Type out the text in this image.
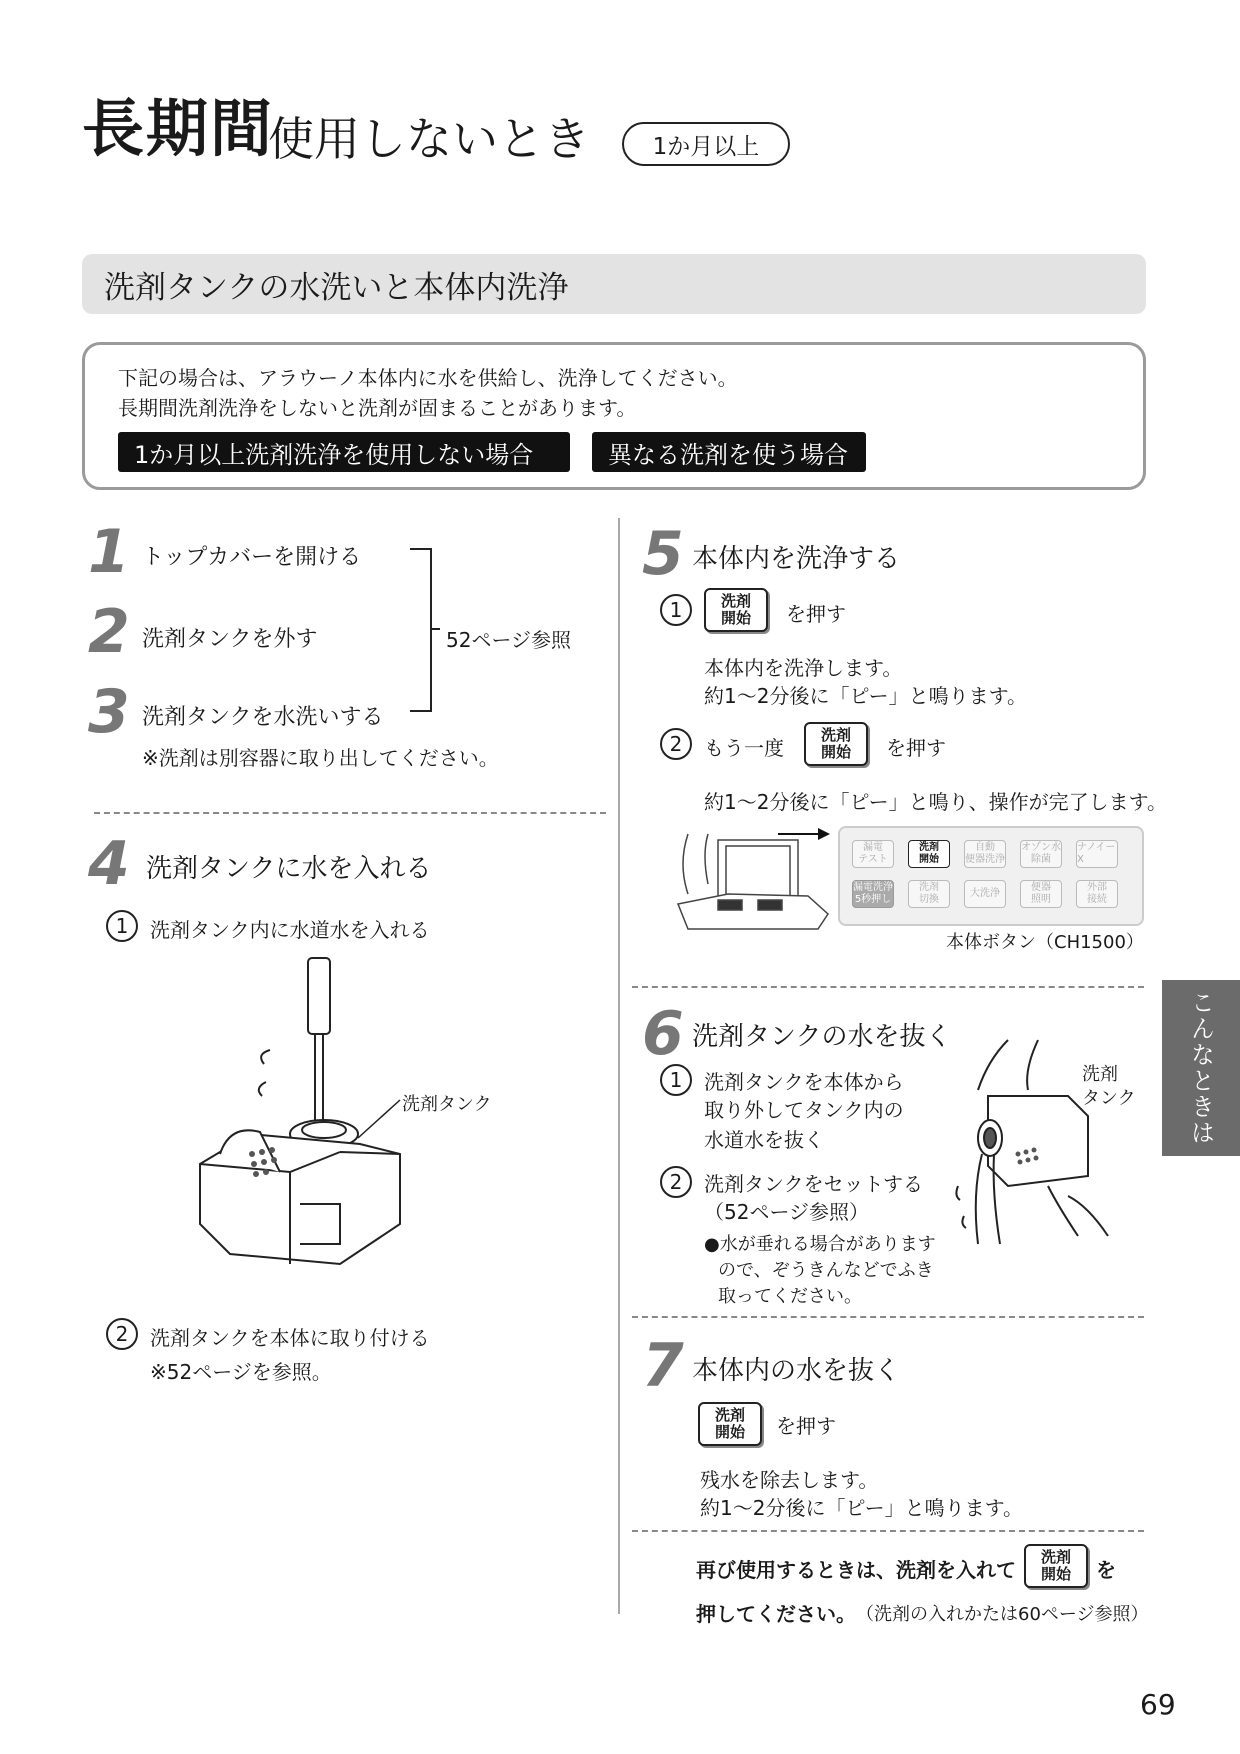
長期間
使用しないとき	1か月以上
洗剤タンクの水洗いと本体内洗浄
下記の場合は、アラウーノ本体内に水を供給し、洗浄してください。
長期間洗剤洗浄をしないと洗剤が固まることがあります。
1か月以上洗剤洗浄を使用しない場合	異なる洗剤を使う場合
1 トップカバーを開ける
2 洗剤タンクを外す
3 洗剤タンクを水洗いする
※洗剤は別容器に取り出してください。
52ページ参照
4 洗剤タンクに水を入れる
1	洗剤タンク内に水道水を入れる
洗剤タンク
2	洗剤タンクを本体に取り付ける
※52ページを参照。
5 本体内を洗浄する
1	洗剤
開始 を押す
本体内を洗浄します。
約1～2分後に「ピー」と鳴ります。
2	もう一度
洗剤
開始 を押す
約1～2分後に「ピー」と鳴り、操作が完了します。
漏電
テスト
洗剤
開始
自動
便器洗浄
オゾン水
除菌
ナノイーX
漏電洗浄
5秒押し
洗剤
切換
大洗浄
便器
照明
外部
接続
本体ボタン（CH1500）
6 洗剤タンクの水を抜く
1	洗剤タンクを本体から
取り外してタンク内の
水道水を抜く
2	洗剤タンクをセットする
（52ページ参照）
●水が垂れる場合があります
ので、ぞうきんなどでふき
取ってください。
洗剤
タンク
7 本体内の水を抜く
洗剤
開始 を押す
残水を除去します。
約1～2分後に「ピー」と鳴ります。
再び使用するときは、洗剤を入れて
洗剤
開始 を
押してください。 （洗剤の入れかたは60ページ参照）
こんなときは
69
